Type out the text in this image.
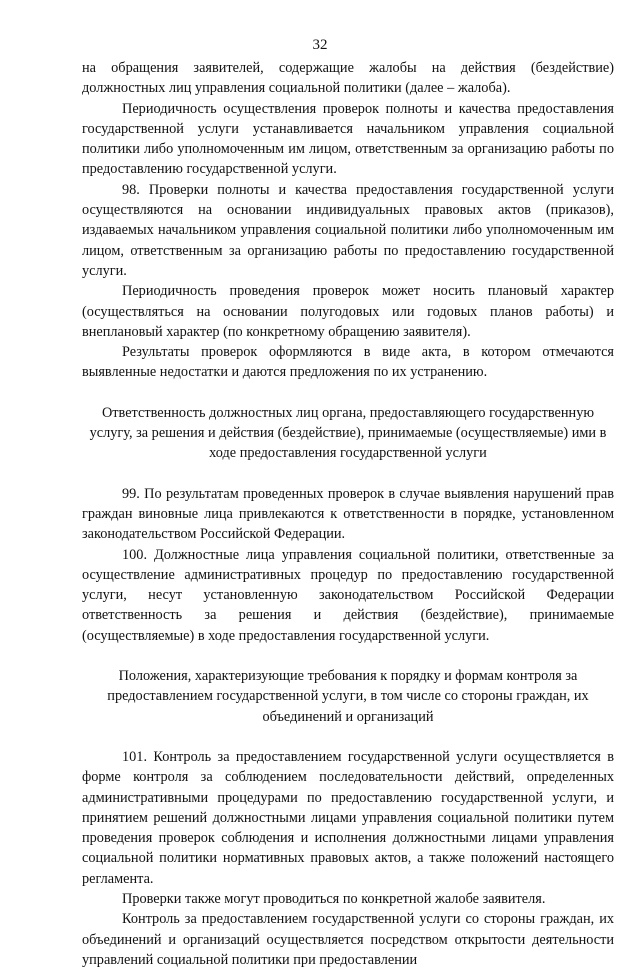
32

на обращения заявителей, содержащие жалобы на действия (бездействие) должностных лиц управления социальной политики (далее – жалоба).

Периодичность осуществления проверок полноты и качества предоставления государственной услуги устанавливается начальником управления социальной политики либо уполномоченным им лицом, ответственным за организацию работы по предоставлению государственной услуги.

98. Проверки полноты и качества предоставления государственной услуги осуществляются на основании индивидуальных правовых актов (приказов), издаваемых начальником управления социальной политики либо уполномоченным им лицом, ответственным за организацию работы по предоставлению государственной услуги.

Периодичность проведения проверок может носить плановый характер (осуществляться на основании полугодовых или годовых планов работы) и внеплановый характер (по конкретному обращению заявителя).

Результаты проверок оформляются в виде акта, в котором отмечаются выявленные недостатки и даются предложения по их устранению.

Ответственность должностных лиц органа, предоставляющего государственную услугу, за решения и действия (бездействие), принимаемые (осуществляемые) ими в ходе предоставления государственной услуги

99. По результатам проведенных проверок в случае выявления нарушений прав граждан виновные лица привлекаются к ответственности в порядке, установленном законодательством Российской Федерации.

100. Должностные лица управления социальной политики, ответственные за осуществление административных процедур по предоставлению государственной услуги, несут установленную законодательством Российской Федерации ответственность за решения и действия (бездействие), принимаемые (осуществляемые) в ходе предоставления государственной услуги.

Положения, характеризующие требования к порядку и формам контроля за предоставлением государственной услуги, в том числе со стороны граждан, их объединений и организаций

101. Контроль за предоставлением государственной услуги осуществляется в форме контроля за соблюдением последовательности действий, определенных административными процедурами по предоставлению государственной услуги, и принятием решений должностными лицами управления социальной политики путем проведения проверок соблюдения и исполнения должностными лицами управления социальной политики нормативных правовых актов, а также положений настоящего регламента.

Проверки также могут проводиться по конкретной жалобе заявителя.

Контроль за предоставлением государственной услуги со стороны граждан, их объединений и организаций осуществляется посредством открытости деятельности управлений социальной политики при предоставлении
